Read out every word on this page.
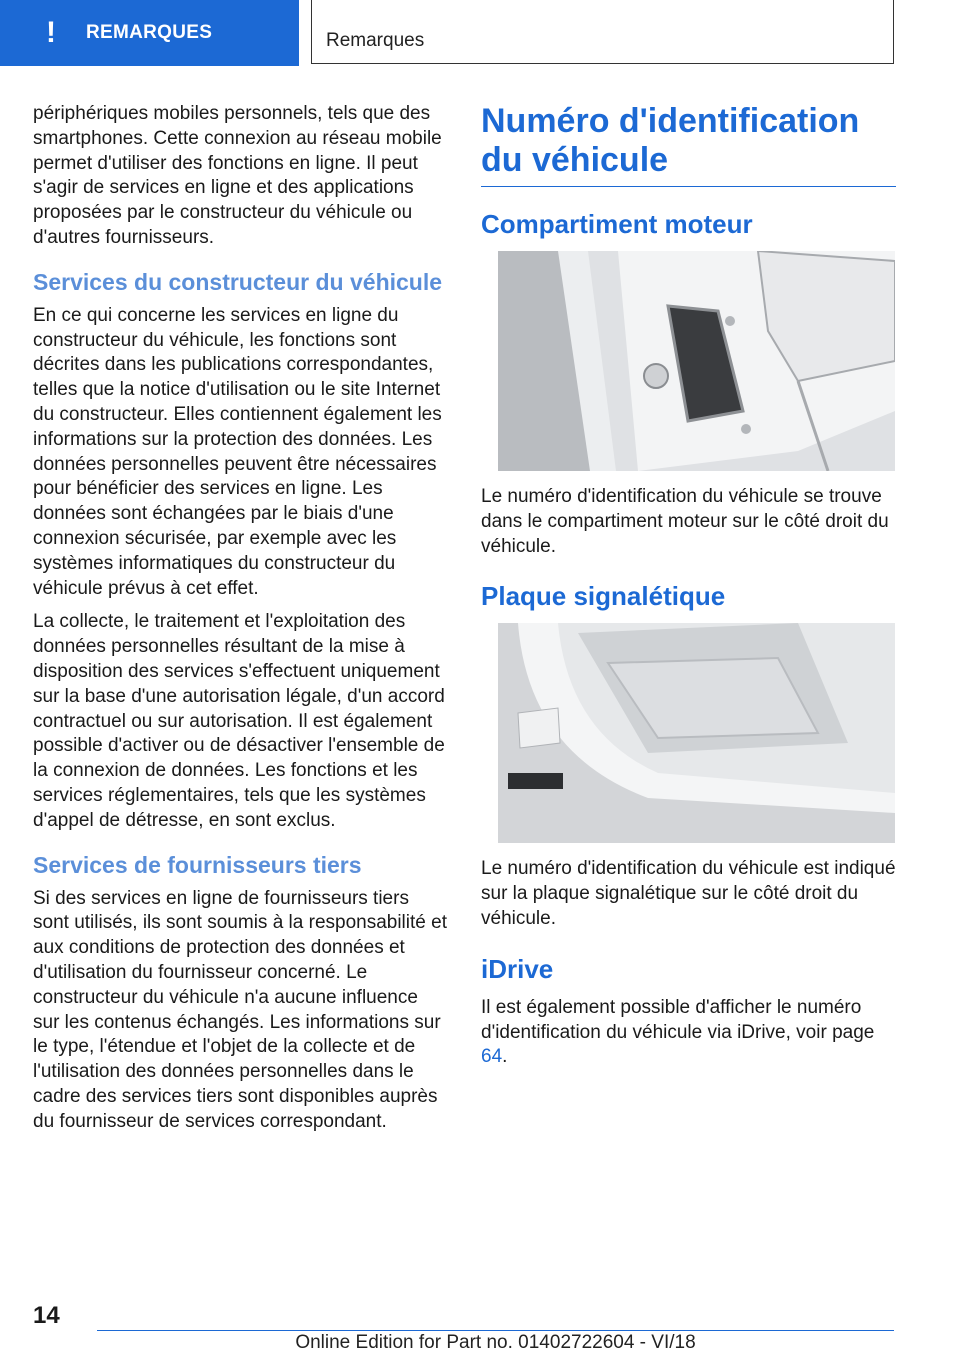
!	REMARQUES	Remarques

périphériques mobiles personnels, tels que des smartphones. Cette connexion au réseau mobile permet d'utiliser des fonctions en ligne. Il peut s'agir de services en ligne et des applications proposées par le constructeur du véhicule ou d'autres fournisseurs.

Services du constructeur du véhicule

En ce qui concerne les services en ligne du constructeur du véhicule, les fonctions sont décrites dans les publications correspondantes, telles que la notice d'utilisation ou le site Internet du constructeur. Elles contiennent également les informations sur la protection des données. Les données personnelles peuvent être nécessaires pour bénéficier des services en ligne. Les données sont échangées par le biais d'une connexion sécurisée, par exemple avec les systèmes informatiques du constructeur du véhicule prévus à cet effet.

La collecte, le traitement et l'exploitation des données personnelles résultant de la mise à disposition des services s'effectuent uniquement sur la base d'une autorisation légale, d'un accord contractuel ou sur autorisation. Il est également possible d'activer ou de désactiver l'ensemble de la connexion de données. Les fonctions et les services réglementaires, tels que les systèmes d'appel de détresse, en sont exclus.

Services de fournisseurs tiers

Si des services en ligne de fournisseurs tiers sont utilisés, ils sont soumis à la responsabilité et aux conditions de protection des données et d'utilisation du fournisseur concerné. Le constructeur du véhicule n'a aucune influence sur les contenus échangés. Les informations sur le type, l'étendue et l'objet de la collecte et de l'utilisation des données personnelles dans le cadre des services tiers sont disponibles auprès du fournisseur de services correspondant.

Numéro d'identification du véhicule
Compartiment moteur

Le numéro d'identification du véhicule se trouve dans le compartiment moteur sur le côté droit du véhicule.

Plaque signalétique

Le numéro d'identification du véhicule est indiqué sur la plaque signalétique sur le côté droit du véhicule.

iDrive

Il est également possible d'afficher le numéro d'identification du véhicule via iDrive, voir page 64.

14
Online Edition for Part no. 01402722604 - VI/18
